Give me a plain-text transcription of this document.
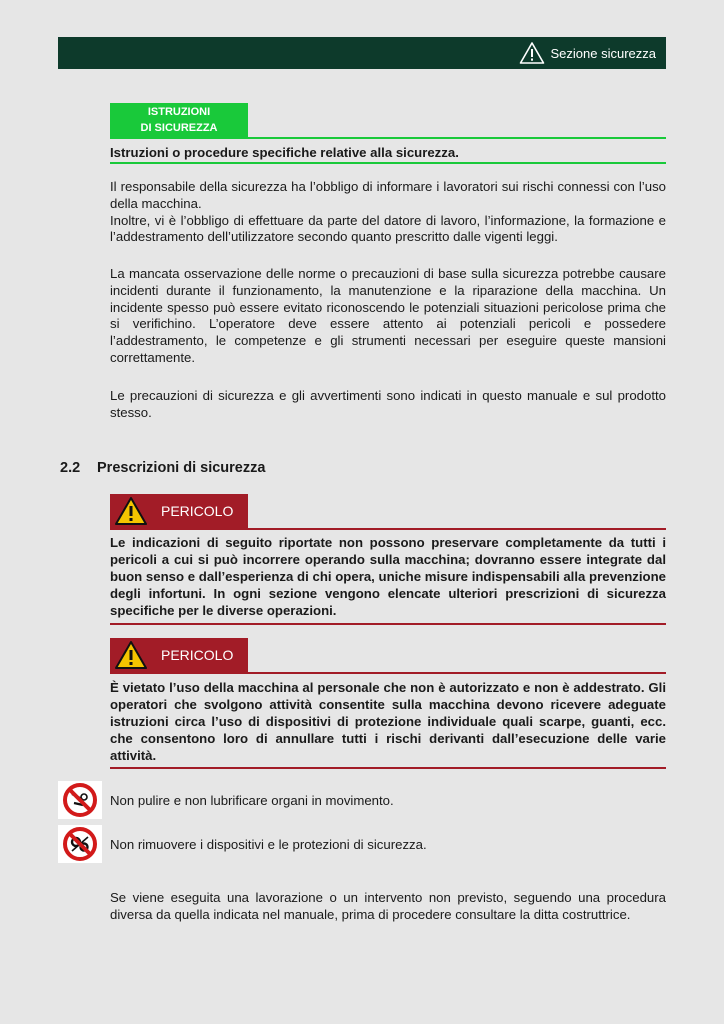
Sezione sicurezza
ISTRUZIONI
DI SICUREZZA
Istruzioni o procedure specifiche relative alla sicurezza.

Il responsabile della sicurezza ha l’obbligo di informare i lavoratori sui rischi connessi con l’uso della macchina.

Inoltre, vi è l’obbligo di effettuare da parte del datore di lavoro, l’informazione, la formazione e l’addestramento dell’utilizzatore secondo quanto prescritto dalle vigenti leggi.

La mancata osservazione delle norme o precauzioni di base sulla sicurezza potrebbe causare incidenti durante il funzionamento, la manutenzione e la riparazione della macchina. Un incidente spesso può essere evitato riconoscendo le potenziali situazioni pericolose prima che si verifichino. L’operatore deve essere attento ai potenziali pericoli e possedere l’addestramento, le competenze e gli strumenti necessari per eseguire queste mansioni correttamente.

Le precauzioni di sicurezza e gli avvertimenti sono indicati in questo manuale e sul prodotto stesso.

2.2 Prescrizioni di sicurezza
PERICOLO
Le indicazioni di seguito riportate non possono preservare completamente da tutti i pericoli a cui si può incorrere operando sulla macchina; dovranno essere integrate dal buon senso e dall’esperienza di chi opera, uniche misure indispensabili alla prevenzione degli infortuni. In ogni sezione vengono elencate ulteriori prescrizioni di sicurezza specifiche per le diverse operazioni.
PERICOLO
È vietato l’uso della macchina al personale che non è autorizzato e non è addestrato. Gli operatori che svolgono attività consentite sulla macchina devono ricevere adeguate istruzioni circa l’uso di dispositivi di protezione individuale quali scarpe, guanti, ecc. che consentono loro di annullare tutti i rischi derivanti dall’esecuzione delle varie attività.
Non pulire e non lubrificare organi in movimento.
Non rimuovere i dispositivi e le protezioni di sicurezza.

Se viene eseguita una lavorazione o un intervento non previsto, seguendo una procedura diversa da quella indicata nel manuale, prima di procedere consultare la ditta costruttrice.
